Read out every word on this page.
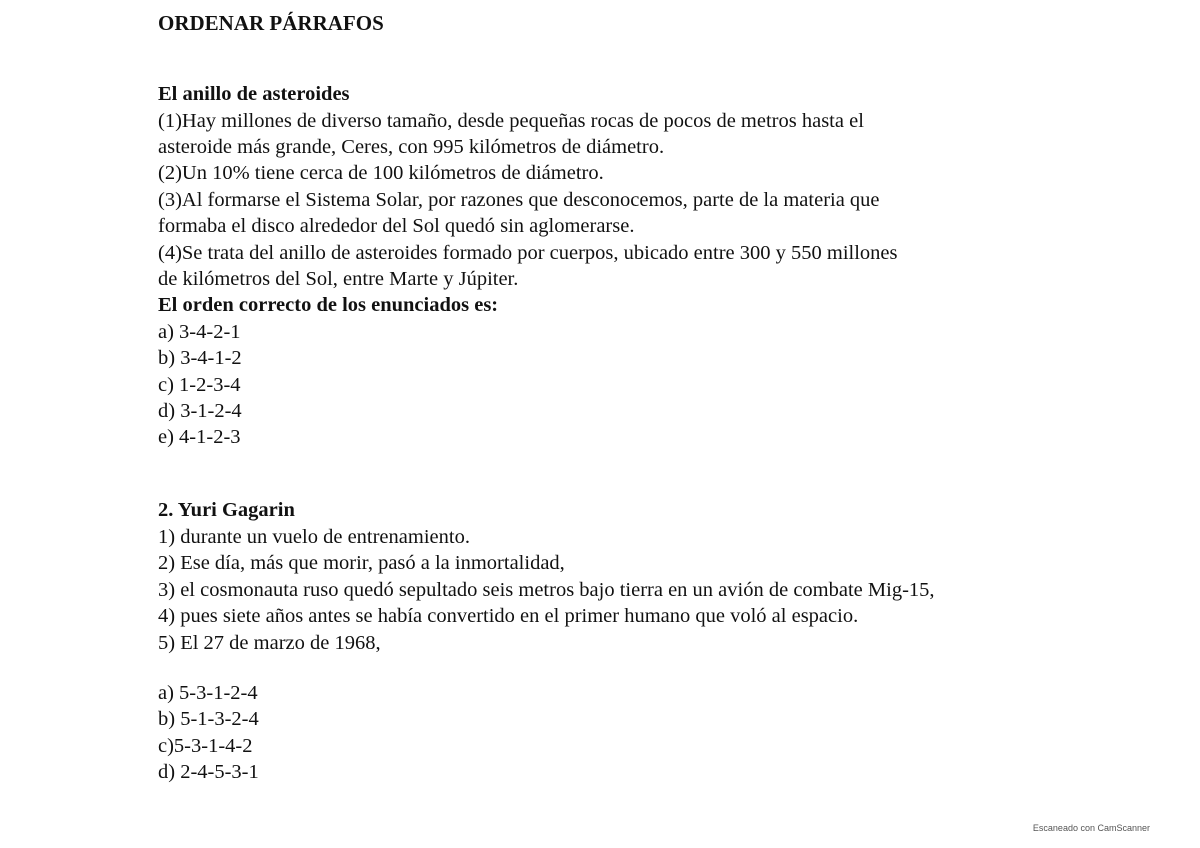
ORDENAR PÁRRAFOS
El anillo de asteroides
(1)Hay millones de diverso tamaño, desde pequeñas rocas de pocos de metros hasta el
asteroide más grande, Ceres, con 995 kilómetros de diámetro.
(2)Un 10% tiene cerca de 100 kilómetros de diámetro.
(3)Al formarse el Sistema Solar, por razones que desconocemos, parte de la materia que
formaba el disco alrededor del Sol quedó sin aglomerarse.
(4)Se trata del anillo de asteroides formado por cuerpos, ubicado entre 300 y 550 millones
de kilómetros del Sol, entre Marte y Júpiter.
El orden correcto de los enunciados es:
a) 3-4-2-1
b) 3-4-1-2
c) 1-2-3-4
d) 3-1-2-4
e) 4-1-2-3
2. Yuri Gagarin
1) durante un vuelo de entrenamiento.
2) Ese día, más que morir, pasó a la inmortalidad,
3) el cosmonauta ruso quedó sepultado seis metros bajo tierra en un avión de combate Mig-15,
4) pues siete años antes se había convertido en el primer humano que voló al espacio.
5) El 27 de marzo de 1968,
a) 5-3-1-2-4
b) 5-1-3-2-4
c)5-3-1-4-2
d) 2-4-5-3-1
Escaneado con CamScanner
